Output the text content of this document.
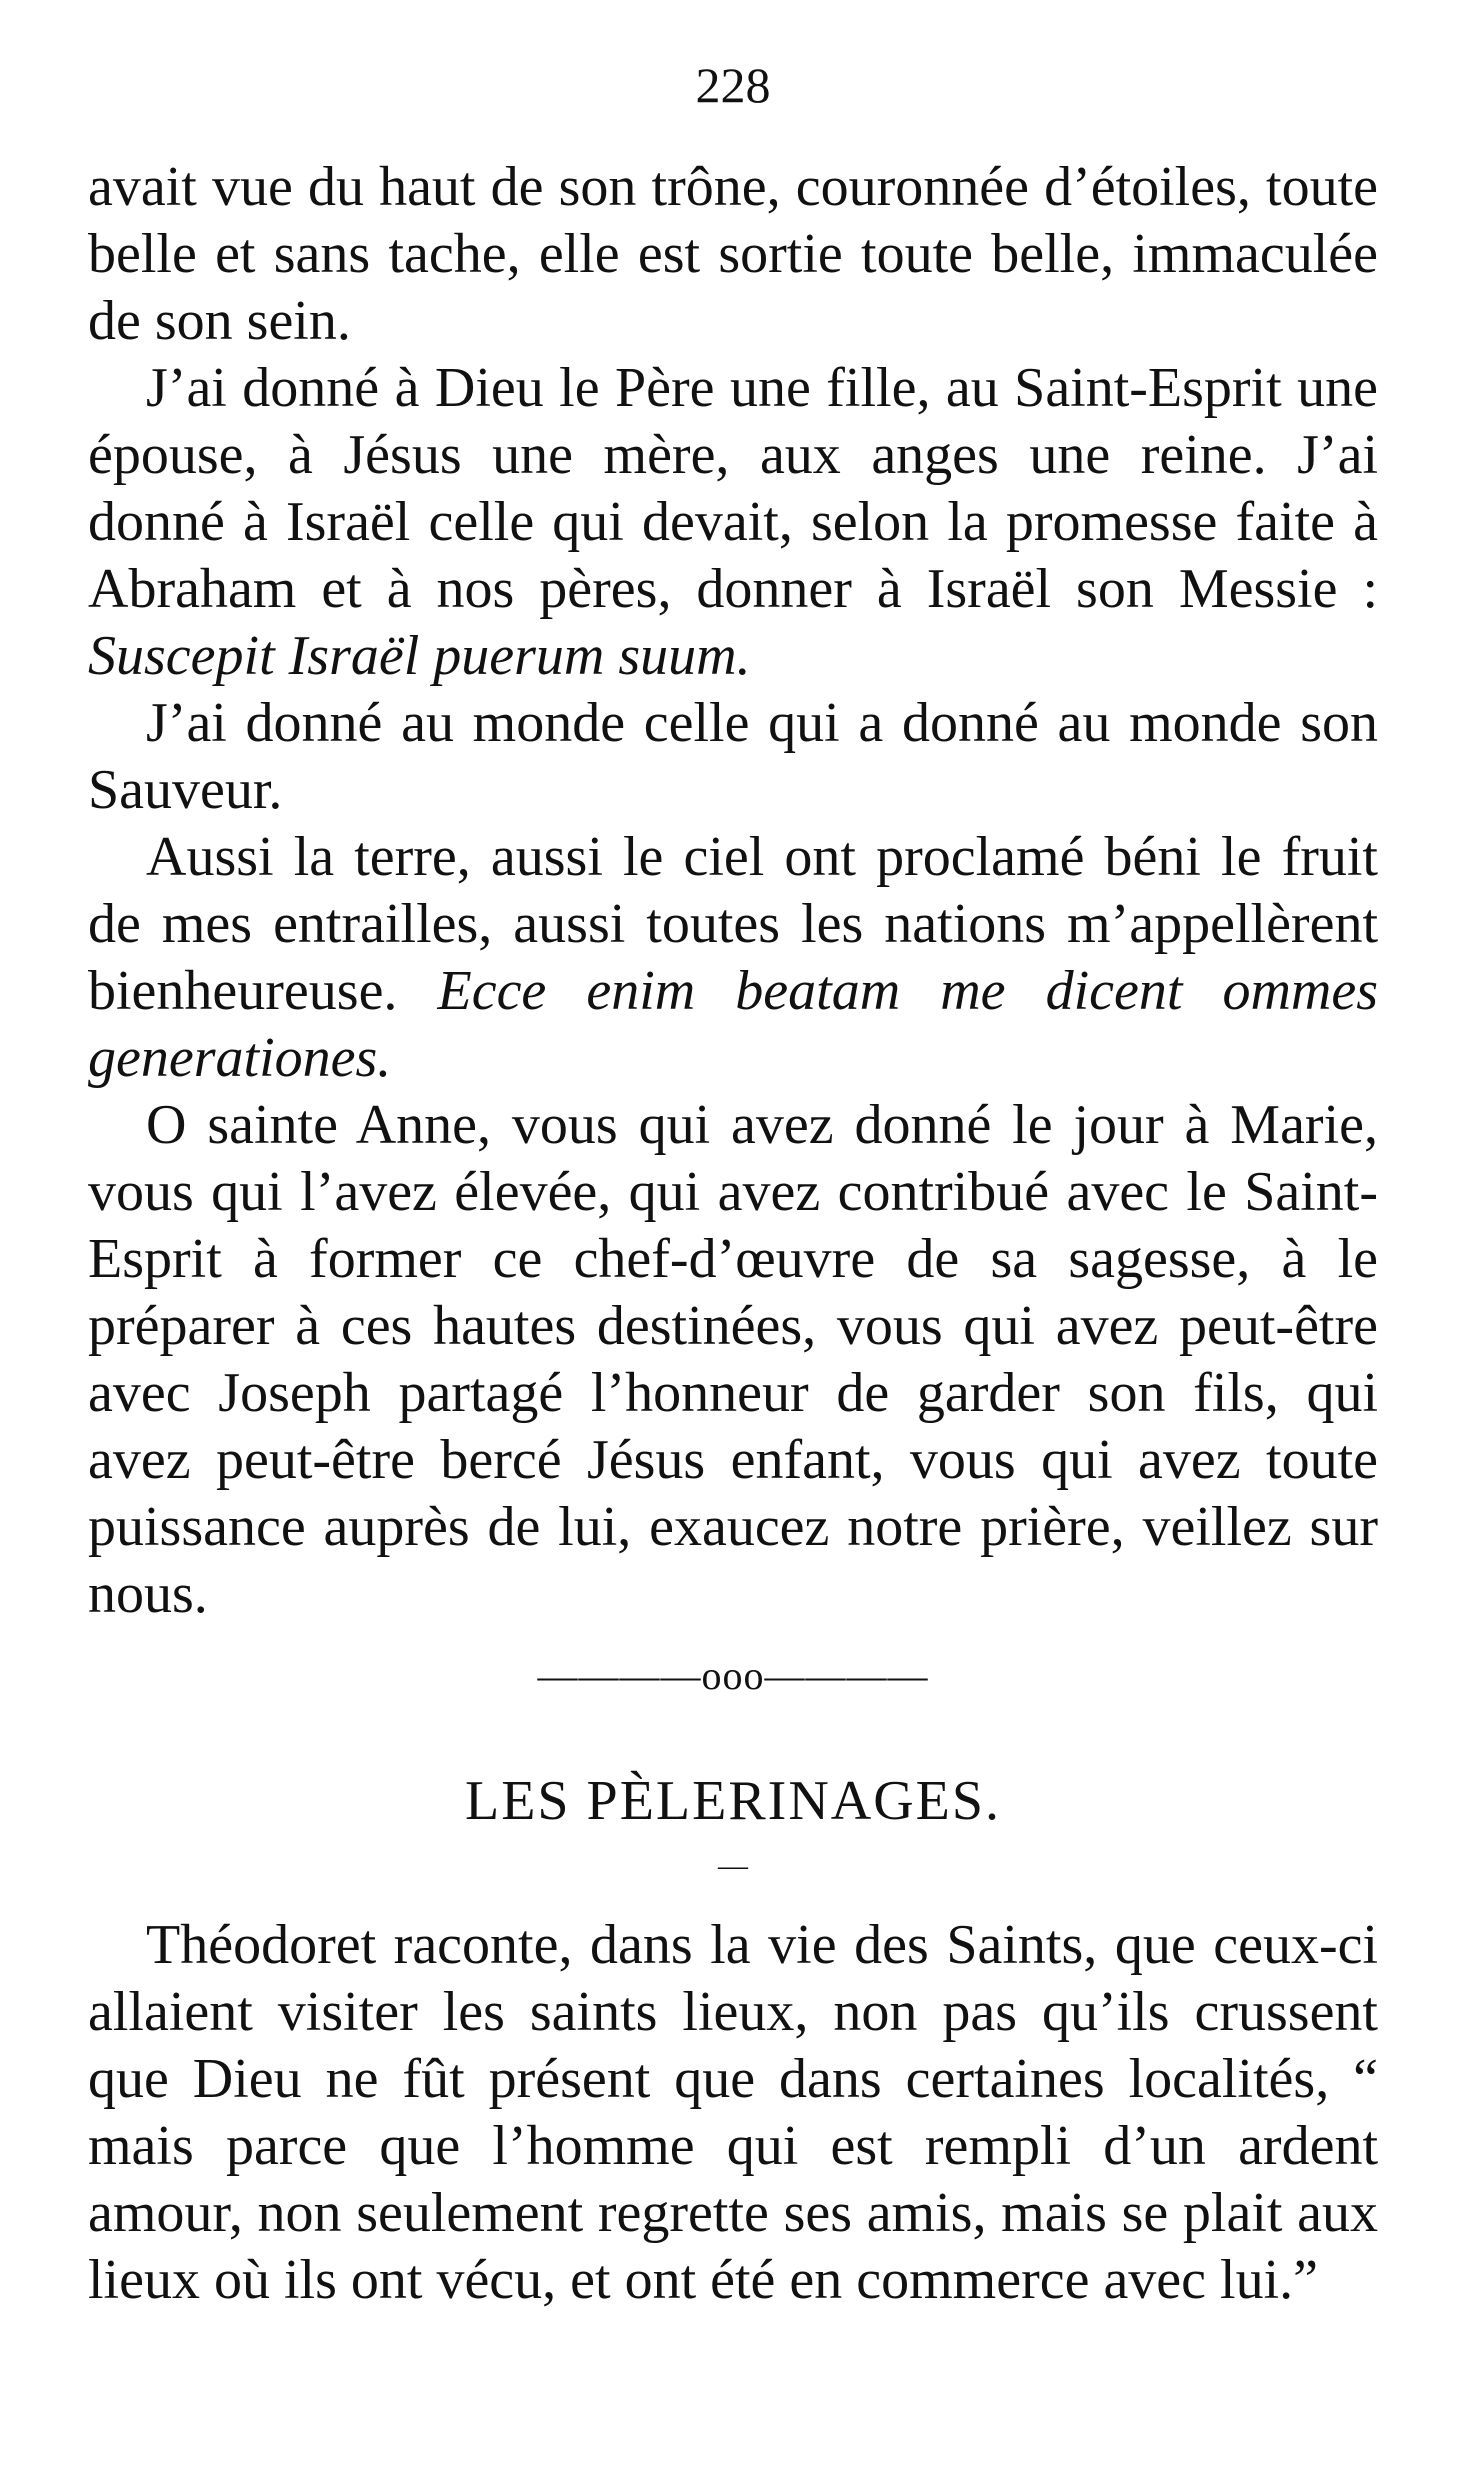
228

avait vue du haut de son trône, couronnée d’étoiles, toute belle et sans tache, elle est sortie toute belle, immaculée de son sein.

J’ai donné à Dieu le Père une fille, au Saint-Esprit une épouse, à Jésus une mère, aux anges une reine. J’ai donné à Israël celle qui devait, selon la promesse faite à Abraham et à nos pères, donner à Israël son Messie : Suscepit Israël puerum suum.

J’ai donné au monde celle qui a donné au monde son Sauveur.

Aussi la terre, aussi le ciel ont proclamé béni le fruit de mes entrailles, aussi toutes les nations m’appellèrent bienheureuse. Ecce enim beatam me dicent ommes generationes.

O sainte Anne, vous qui avez donné le jour à Marie, vous qui l’avez élevée, qui avez contribué avec le Saint-Esprit à former ce chef-d’œuvre de sa sagesse, à le préparer à ces hautes destinées, vous qui avez peut-être avec Joseph partagé l’honneur de garder son fils, qui avez peut-être bercé Jésus enfant, vous qui avez toute puissance auprès de lui, exaucez notre prière, veillez sur nous.

————ooo————
LES PÈLERINAGES.
—

Théodoret raconte, dans la vie des Saints, que ceux-ci allaient visiter les saints lieux, non pas qu’ils crussent que Dieu ne fût présent que dans certaines localités, “ mais parce que l’homme qui est rempli d’un ardent amour, non seulement regrette ses amis, mais se plait aux lieux où ils ont vécu, et ont été en commerce avec lui.”
